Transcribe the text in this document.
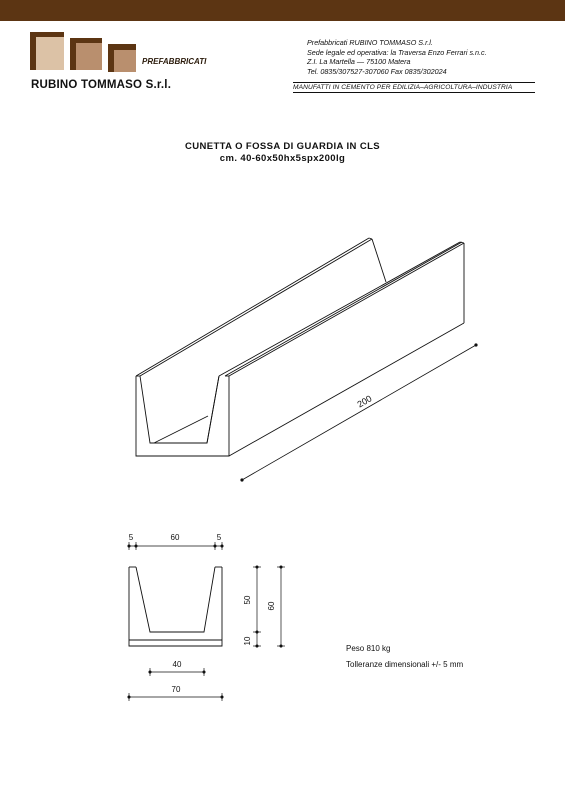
PREFABBRICATI
RUBINO TOMMASO S.r.l.
Prefabbricati RUBINO TOMMASO S.r.l.
Sede legale ed operativa: la Traversa Enzo Ferrari s.n.c.
Z.I. La Martella — 75100 Matera
Tel. 0835/307527-307060 Fax 0835/302024
MANUFATTI IN CEMENTO PER EDILIZIA–AGRICOLTURA–INDUSTRIA
CUNETTA O FOSSA DI GUARDIA IN CLS
cm. 40-60x50hx5spx200lg
200
5	60	5
50
10
60
40
70
Peso 810 kg
Tolleranze dimensionali +/- 5 mm
